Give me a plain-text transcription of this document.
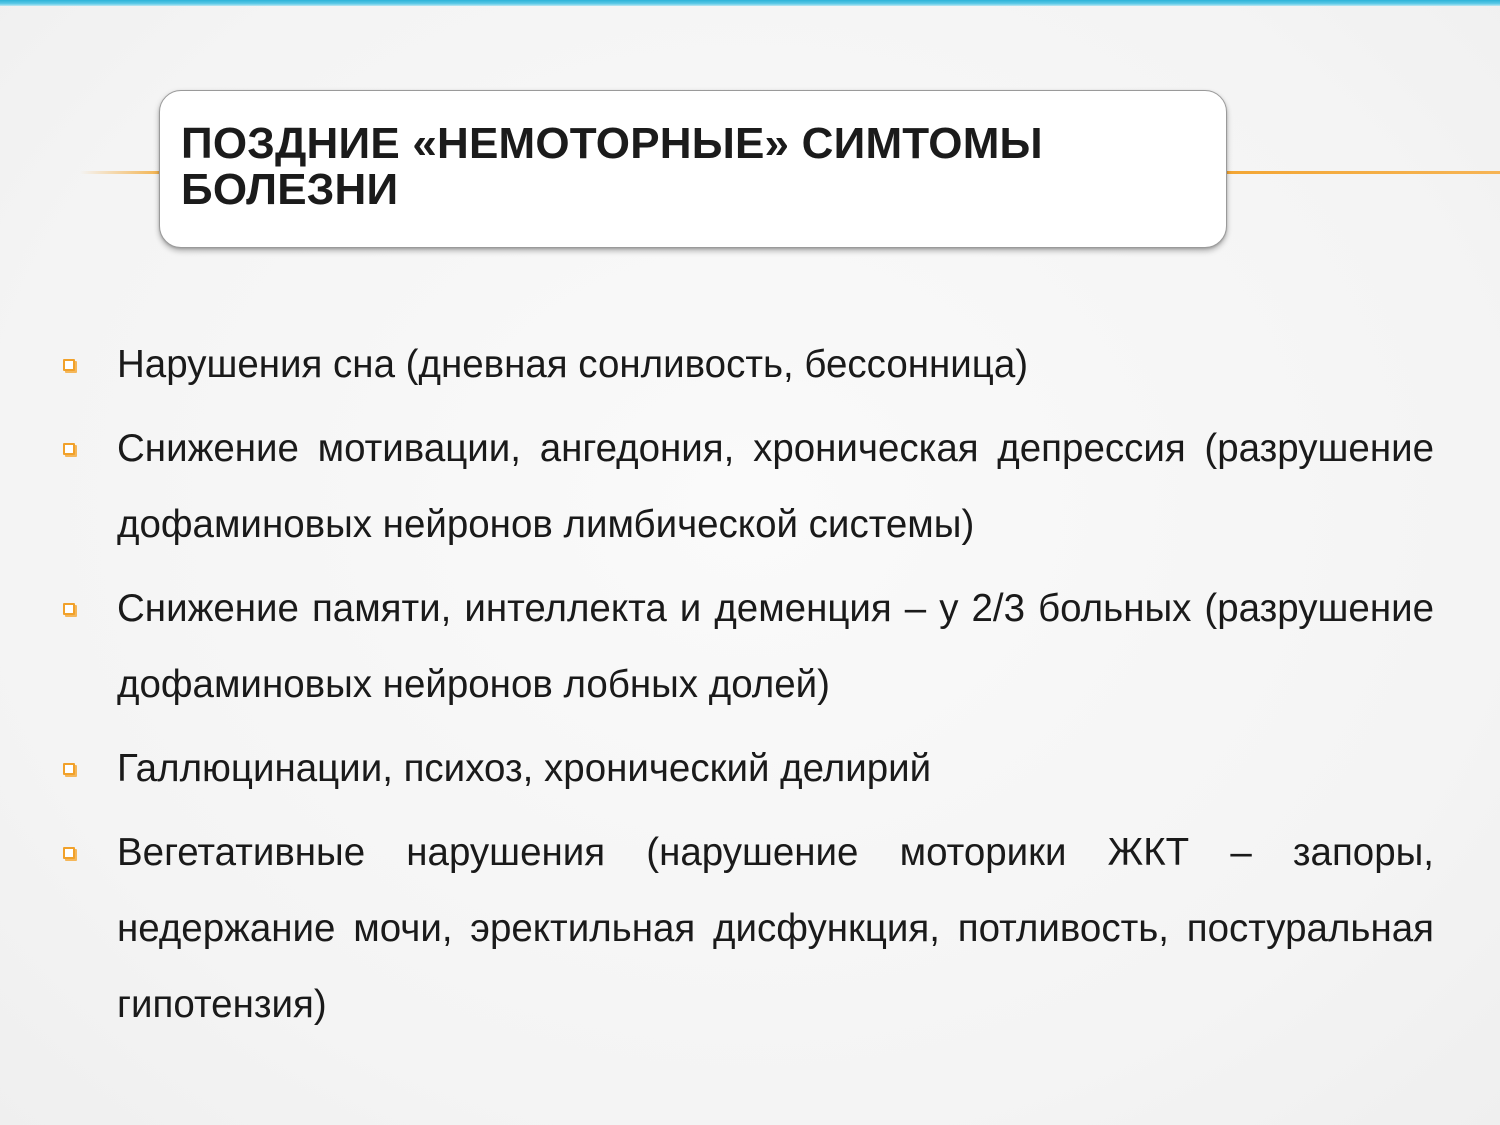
ПОЗДНИЕ «НЕМОТОРНЫЕ» СИМТОМЫ БОЛЕЗНИ
Нарушения сна (дневная сонливость, бессонница)
Снижение мотивации, ангедония, хроническая депрессия (разрушение дофаминовых нейронов лимбической системы)
Снижение памяти, интеллекта и деменция – у 2/3 больных (разрушение дофаминовых нейронов лобных долей)
Галлюцинации, психоз, хронический делирий
Вегетативные нарушения (нарушение моторики ЖКТ – запоры, недержание мочи, эректильная дисфункция, потливость, постуральная гипотензия)
